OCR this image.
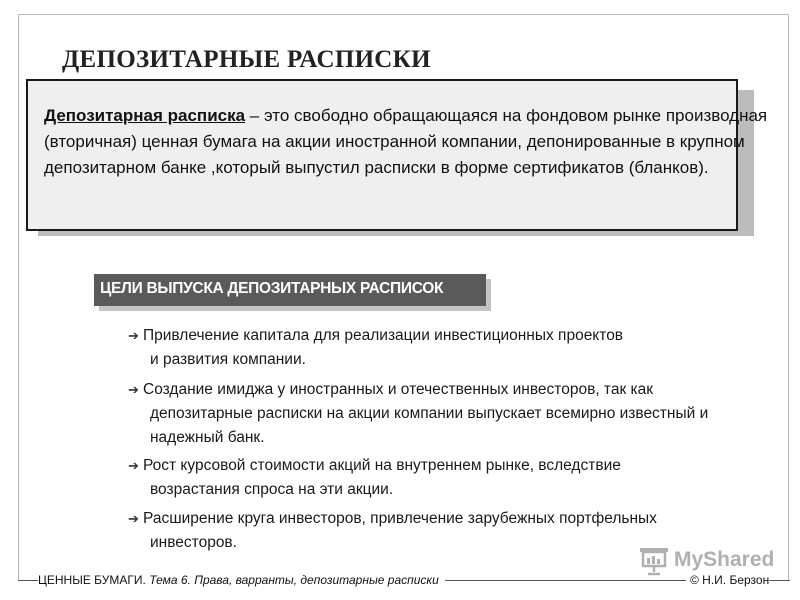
ДЕПОЗИТАРНЫЕ РАСПИСКИ
Депозитарная расписка – это свободно обращающаяся на фондовом рынке производная (вторичная) ценная бумага на акции иностранной компании, депонированные в крупном депозитарном банке ,который выпустил расписки в форме сертификатов (бланков).
ЦЕЛИ ВЫПУСКА ДЕПОЗИТАРНЫХ РАСПИСОК
➔ Привлечение капитала для реализации инвестиционных проектов
и развития компании.
➔ Создание имиджа у иностранных и отечественных инвесторов, так как
депозитарные расписки на акции компании выпускает всемирно известный и надежный банк.
➔ Рост курсовой стоимости акций на внутреннем рынке, вследствие
возрастания спроса на эти акции.
➔ Расширение круга инвесторов, привлечение зарубежных портфельных
инвесторов.
MyShared
ЦЕННЫЕ БУМАГИ. Тема 6. Права, варранты, депозитарные расписки	© Н.И. Берзон
